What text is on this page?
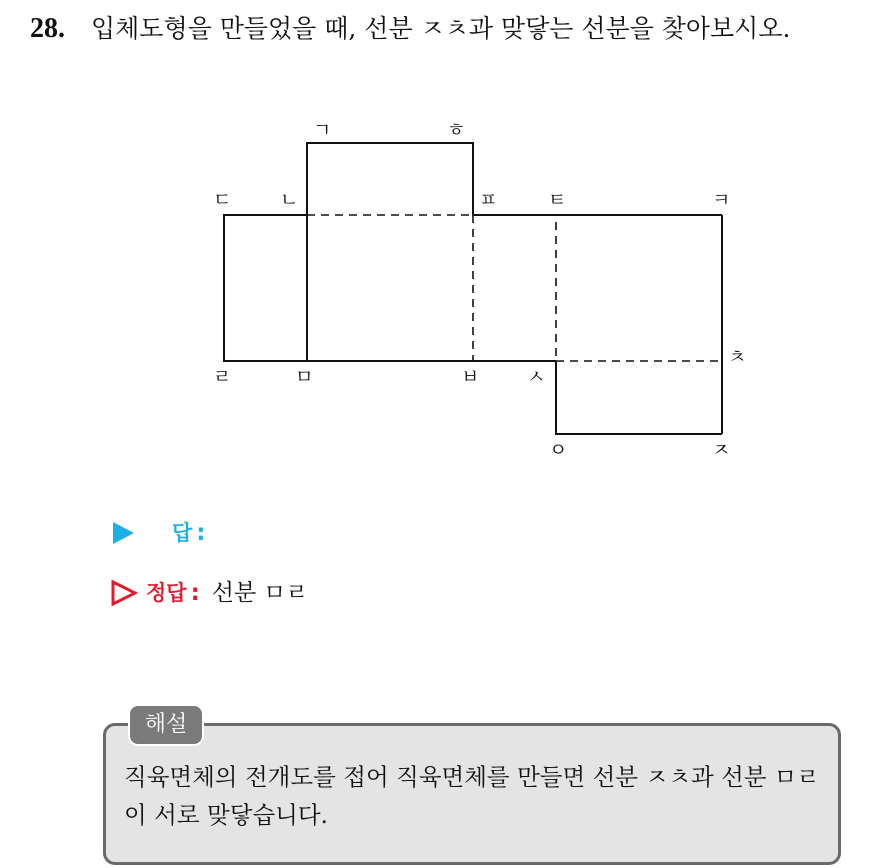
28. 입체도형을 만들었을 때, 선분 ㅈㅊ과 맞닿는 선분을 찾아보시오.
ㄱ	ㅎ
ㄷ	ㄴ	ㅍ	ㅌ	ㅋ
ㄹ	ㅁ	ㅂ	ㅅ
ㅊ
ㅇ	ㅈ
답 :
정답 : 선분 ㅁㄹ
해설
직육면체의 전개도를 접어 직육면체를 만들면 선분 ㅈㅊ과 선분 ㅁㄹ이 서로 맞닿습니다.
